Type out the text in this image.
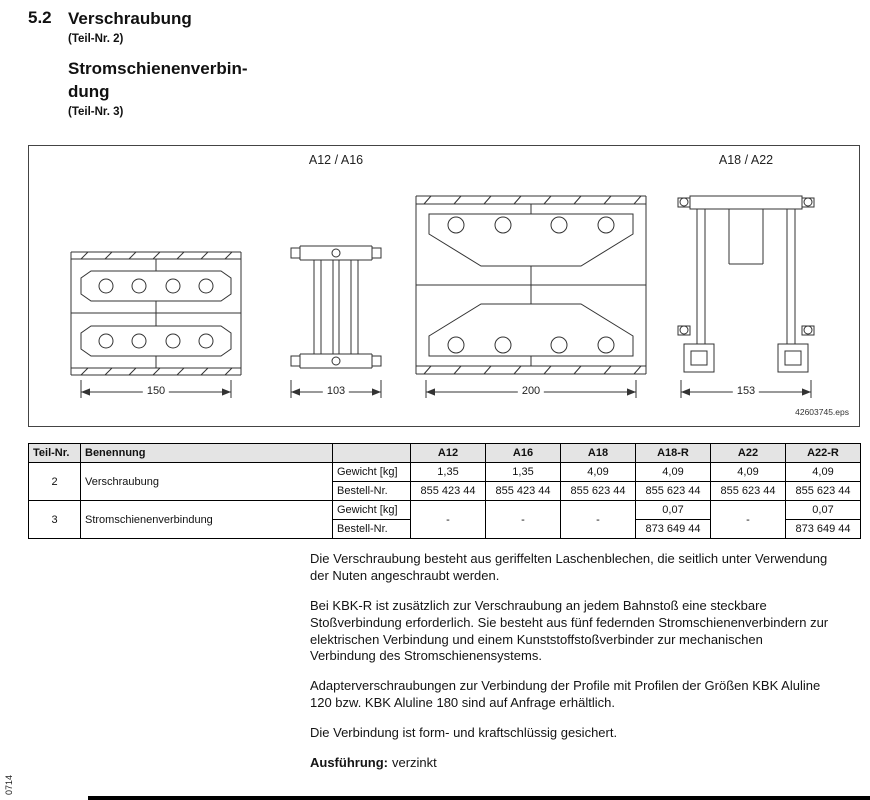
5.2 Verschraubung
(Teil-Nr. 2)
Stromschienenverbin-
dung
(Teil-Nr. 3)
A12 / A16	A18 / A22
150	103	200	153
42603745.eps
Teil-Nr.	Benennung		A12	A16	A18	A18-R	A22	A22-R
2	Verschraubung	Gewicht [kg]	1,35	1,35	4,09	4,09	4,09	4,09
		Bestell-Nr.	855 423 44	855 423 44	855 623 44	855 623 44	855 623 44	855 623 44
3	Stromschienenverbindung	Gewicht [kg]	-	-	-	0,07	-	0,07
		Bestell-Nr.				873 649 44		873 649 44

Die Verschraubung besteht aus geriffelten Laschenblechen, die seitlich unter Verwendung der Nuten angeschraubt werden.

Bei KBK-R ist zusätzlich zur Verschraubung an jedem Bahnstoß eine steckbare Stoßverbindung erforderlich. Sie besteht aus fünf federnden Stromschienenverbindern zur elektrischen Verbindung und einem Kunststoffstoßverbinder zur mechanischen Verbindung des Stromschienensystems.

Adapterverschraubungen zur Verbindung der Profile mit Profilen der Größen KBK Aluline 120 bzw. KBK Aluline 180 sind auf Anfrage erhältlich.

Die Verbindung ist form- und kraftschlüssig gesichert.

Ausführung: verzinkt

0714
